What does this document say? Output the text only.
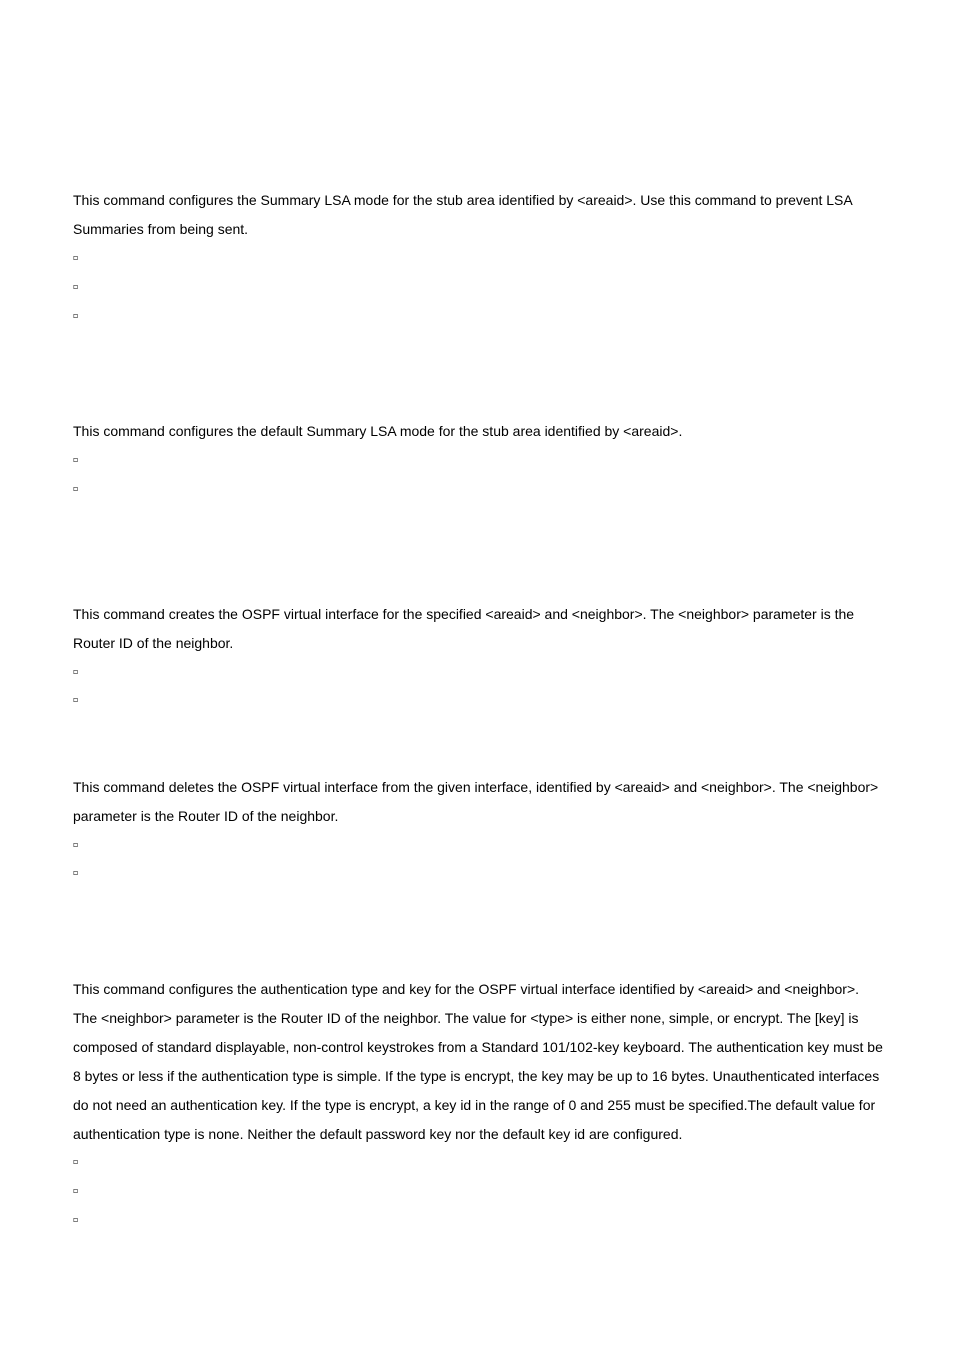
This command configures the Summary LSA mode for the stub area identified by <areaid>. Use this command to prevent LSA Summaries from being sent.

▫
▫
▫

This command configures the default Summary LSA mode for the stub area identified by <areaid>.

▫
▫

This command creates the OSPF virtual interface for the specified <areaid> and <neighbor>. The <neighbor> parameter is the Router ID of the neighbor.

▫
▫

This command deletes the OSPF virtual interface from the given interface, identified by <areaid> and <neighbor>. The <neighbor> parameter is the Router ID of the neighbor.

▫
▫

This command configures the authentication type and key for the OSPF virtual interface identified by <areaid> and <neighbor>. The <neighbor> parameter is the Router ID of the neighbor. The value for <type> is either none, simple, or encrypt. The [key] is composed of standard displayable, non-control keystrokes from a Standard 101/102-key keyboard. The authentication key must be 8 bytes or less if the authentication type is simple. If the type is encrypt, the key may be up to 16 bytes. Unauthenticated interfaces do not need an authentication key. If the type is encrypt, a key id in the range of 0 and 255 must be specified.The default value for authentication type is none. Neither the default password key nor the default key id are configured.

▫
▫
▫
